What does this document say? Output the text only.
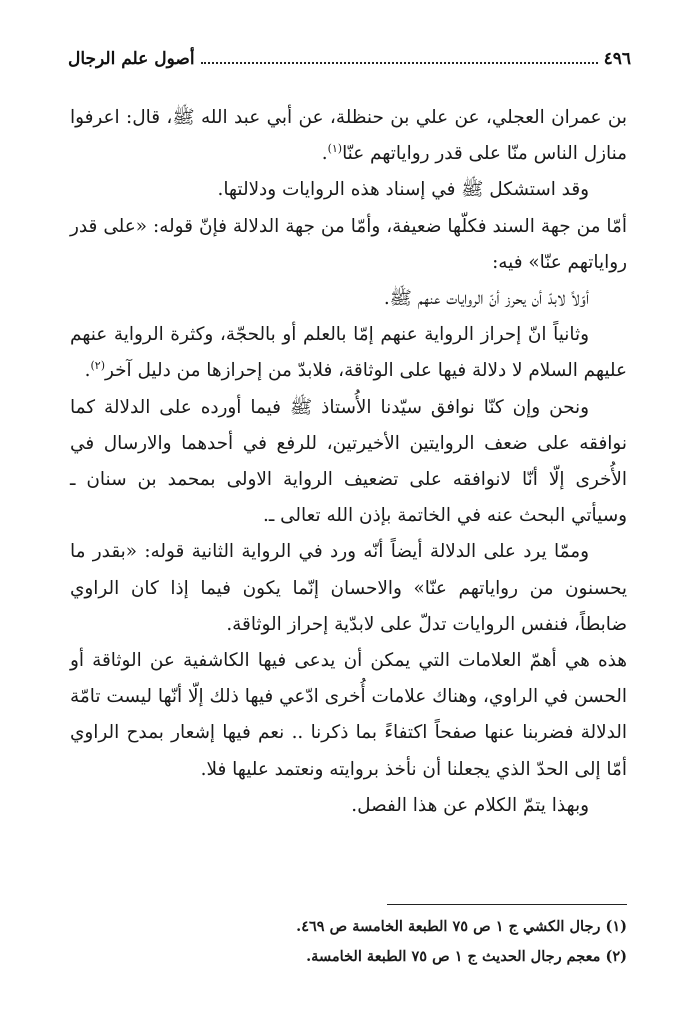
٤٩٦
أصول علم الرجال

بن عمران العجلي، عن علي بن حنظلة، عن أبي عبد الله ﷺ، قال: اعرفوا منازل الناس منّا على قدر رواياتهم عنّا$^{(١)}$.

وقد استشكل ﷺ في إسناد هذه الروايات ودلالتها.

أمّا من جهة السند فكلّها ضعيفة، وأمّا من جهة الدلالة فإنّ قوله: «على قدر رواياتهم عنّا» فيه:

أوّلاً لابدّ أن يحرز أنّ الروايات عنهم ﷺ.

وثانياً انّ إحراز الرواية عنهم إمّا بالعلم أو بالحجّة، وكثرة الرواية عنهم عليهم السلام لا دلالة فيها على الوثاقة، فلابدّ من إحرازها من دليل آخر$^{(٢)}$.

ونحن وإن كنّا نوافق سيّدنا الأُستاذ ﷺ فيما أورده على الدلالة كما نوافقه على ضعف الروايتين الأخيرتين، للرفع في أحدهما والارسال في الأُخرى إلّا أنّا لانوافقه على تضعيف الرواية الاولى بمحمد بن سنان ـ وسيأتي البحث عنه في الخاتمة بإذن الله تعالى ـ.

وممّا يرد على الدلالة أيضاً أنّه ورد في الرواية الثانية قوله: «بقدر ما يحسنون من رواياتهم عنّا» والاحسان إنّما يكون فيما إذا كان الراوي ضابطاً، فنفس الروايات تدلّ على لابدّية إحراز الوثاقة.

هذه هي أهمّ العلامات التي يمكن أن يدعى فيها الكاشفية عن الوثاقة أو الحسن في الراوي، وهناك علامات أُخرى ادّعي فيها ذلك إلّا أنّها ليست تامّة الدلالة فضربنا عنها صفحاً اكتفاءً بما ذكرنا .. نعم فيها إشعار بمدح الراوي أمّا إلى الحدّ الذي يجعلنا أن نأخذ بروايته ونعتمد عليها فلا.

وبهذا يتمّ الكلام عن هذا الفصل.

(١) رجال الكشي ج ١ ص ٧٥ الطبعة الخامسة ص ٤٦٩.

(٢) معجم رجال الحديث ج ١ ص ٧٥ الطبعة الخامسة.
